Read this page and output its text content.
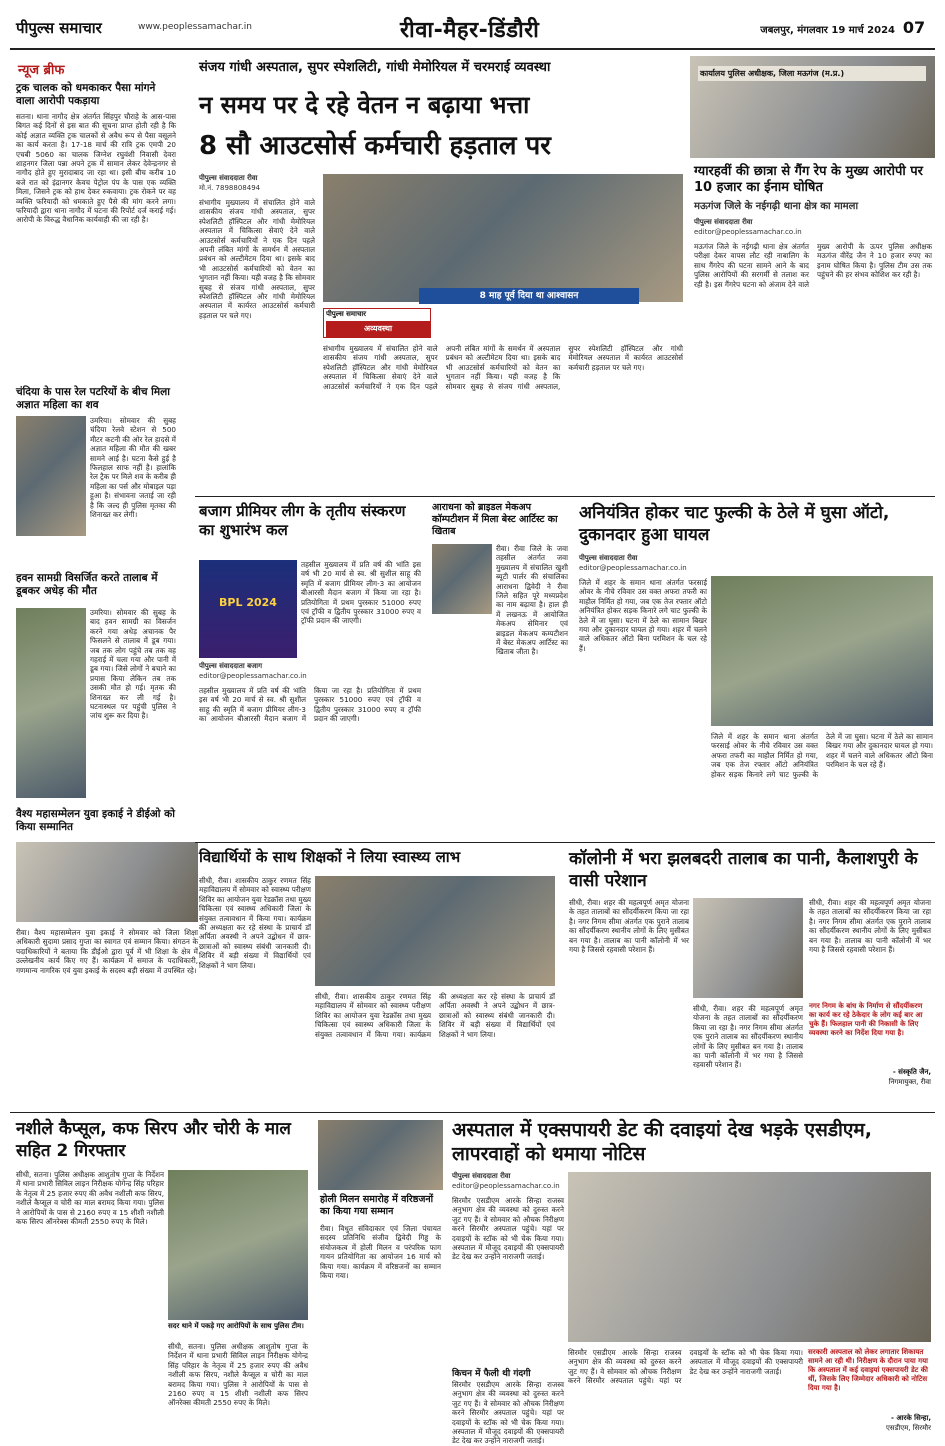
पीपुल्स समाचार	www.peoplessamachar.in	रीवा-मैहर-डिंडौरी	जबलपुर, मंगलवार 19 मार्च 2024 07
न्यूज ब्रीफ
ट्रक चालक को धमकाकर पैसा मांगने वाला आरोपी पकड़ाया
सतना। थाना नागौद क्षेत्र अंतर्गत सिंहपुर चौराहे के आस-पास बिगत कई दिनों से इस बात की सूचना प्राप्त होती रही है कि कोई अज्ञात व्यक्ति ट्रक चालकों से अवैध रूप से पैसा वसूलने का कार्य करता है। 17-18 मार्च की रात्रि ट्रक एमपी 20 एचबी 5060 का चालक जिग्नेश रघुवंशी निवासी देवरा शाहनगर जिला पन्ना अपने ट्रक में सामान लेकर देवेन्द्रनगर से नागौद होते हुए मुरादाबाद जा रहा था। इसी बीच करीब 10 बजे रात को इंद्रानगर केवच पेट्रोल पंप के पास एक व्यक्ति मिला, जिसने ट्रक को हाथ देकर रुकवाया। ट्रक रोकने पर वह व्यक्ति फरियादी को धमकाते हुए पैसे की मांग करने लगा। फरियादी द्वारा थाना नागौद में घटना की रिपोर्ट दर्ज कराई गई। आरोपी के विरुद्ध वैधानिक कार्यवाही की जा रही है।
चंदिया के पास रेल पटरियों के बीच मिला अज्ञात महिला का शव
उमरिया। सोमवार की सुबह चंदिया रेलवे स्टेशन से 500 मीटर कटनी की ओर रेल हादसे में अज्ञात महिला की मौत की खबर सामने आई है। घटना कैसे हुई है फिलहाल साफ नहीं है। हालांकि रेल ट्रैक पर मिले शव के करीब ही महिला का पर्स और मोबाइल पड़ा हुआ है। संभावना जताई जा रही है कि जल्द ही पुलिस मृतका की शिनाख्त कर लेगी।
हवन सामग्री विसर्जित करते तालाब में डूबकर अधेड़ की मौत
उमरिया। सोमवार की सुबह के बाद हवन सामग्री का विसर्जन करने गया अधेड़ अचानक पैर फिसलने से तालाब में डूब गया। जब तक लोग पहुंचे तब तक वह गहराई में चला गया और पानी में डूब गया। जिसे लोगों ने बचाने का प्रयास किया लेकिन तब तक उसकी मौत हो गई। मृतक की शिनाख्त कर ली गई है। घटनास्थल पर पहुंची पुलिस ने जांच शुरू कर दिया है।
वैश्य महासम्मेलन युवा इकाई ने डीईओ को किया सम्मानित
रीवा। वैश्य महासम्मेलन युवा इकाई ने सोमवार को जिला शिक्षा अधिकारी सुदामा प्रसाद गुप्ता का स्वागत एवं सम्मान किया। संगठन के पदाधिकारियों ने बताया कि डीईओ द्वारा पूर्व में भी शिक्षा के क्षेत्र में उल्लेखनीय कार्य किए गए हैं। कार्यक्रम में समाज के पदाधिकारी, गणमान्य नागरिक एवं युवा इकाई के सदस्य बड़ी संख्या में उपस्थित रहे।
संजय गांधी अस्पताल, सुपर स्पेशलिटी, गांधी मेमोरियल में चरमराई व्यवस्था
न समय पर दे रहे वेतन न बढ़ाया भत्ता
8 सौ आउटसोर्स कर्मचारी हड़ताल पर
पीपुल्स संवाददाता रीवा
मो.नं. 7898808494
8 माह पूर्व दिया था आश्वासन
संभागीय मुख्यालय में संचालित होने वाले शासकीय संजय गांधी अस्पताल, सुपर स्पेशलिटी हॉस्पिटल और गांधी मेमोरियल अस्पताल में चिकित्सा सेवाएं देने वाले आउटसोर्स कर्मचारियों ने एक दिन पहले अपनी लंबित मांगों के समर्थन में अस्पताल प्रबंधन को अल्टीमेटम दिया था। इसके बाद भी आउटसोर्स कर्मचारियों को वेतन का भुगतान नहीं किया। यही वजह है कि सोमवार सुबह से संजय गांधी अस्पताल, सुपर स्पेशलिटी हॉस्पिटल और गांधी मेमोरियल अस्पताल में कार्यरत आउटसोर्स कर्मचारी हड़ताल पर चले गए।	पीपुल्स समाचार
अव्यवस्था
संभागीय मुख्यालय में संचालित होने वाले शासकीय संजय गांधी अस्पताल, सुपर स्पेशलिटी हॉस्पिटल और गांधी मेमोरियल अस्पताल में चिकित्सा सेवाएं देने वाले आउटसोर्स कर्मचारियों ने एक दिन पहले अपनी लंबित मांगों के समर्थन में अस्पताल प्रबंधन को अल्टीमेटम दिया था। इसके बाद भी आउटसोर्स कर्मचारियों को वेतन का भुगतान नहीं किया। यही वजह है कि सोमवार सुबह से संजय गांधी अस्पताल, सुपर स्पेशलिटी हॉस्पिटल और गांधी मेमोरियल अस्पताल में कार्यरत आउटसोर्स कर्मचारी हड़ताल पर चले गए।
कार्यालय पुलिस अधीक्षक, जिला मऊगंज (म.प्र.)
ग्यारहवीं की छात्रा से गैंग रेप के मुख्य आरोपी पर 10 हजार का ईनाम घोषित
मऊगंज जिले के नईगढ़ी थाना क्षेत्र का मामला
पीपुल्स संवाददाता रीवा
editor@peoplessamachar.co.in
मऊगंज जिले के नईगढ़ी थाना क्षेत्र अंतर्गत परीक्षा देकर वापस लौट रही नाबालिग के साथ गैंगरेप की घटना सामने आने के बाद पुलिस आरोपियों की सरगर्मी से तलाश कर रही है। इस गैंगरेप घटना को अंजाम देने वाले मुख्य आरोपी के ऊपर पुलिस अधीक्षक मऊगंज वीरेंद्र जैन ने 10 हजार रुपए का इनाम घोषित किया है। पुलिस टीम उस तक पहुंचने की हर संभव कोशिश कर रही है।
बजाग प्रीमियर लीग के तृतीय संस्करण का शुभारंभ कल
BPL 2024
पीपुल्स संवाददाता बजाग
editor@peoplessamachar.co.in
तहसील मुख्यालय में प्रति वर्ष की भांति इस वर्ष भी 20 मार्च से स्व. श्री सुशील साहू की स्मृति में बजाग प्रीमियर लीग-3 का आयोजन बीआरसी मैदान बजाग में किया जा रहा है। प्रतियोगिता में प्रथम पुरस्कार 51000 रुपए एवं ट्रॉफी व द्वितीय पुरस्कार 31000 रुपए व ट्रॉफी प्रदान की जाएगी।
तहसील मुख्यालय में प्रति वर्ष की भांति इस वर्ष भी 20 मार्च से स्व. श्री सुशील साहू की स्मृति में बजाग प्रीमियर लीग-3 का आयोजन बीआरसी मैदान बजाग में किया जा रहा है। प्रतियोगिता में प्रथम पुरस्कार 51000 रुपए एवं ट्रॉफी व द्वितीय पुरस्कार 31000 रुपए व ट्रॉफी प्रदान की जाएगी।
आराधना को ब्राइडल मेकअप कॉम्पटीशन में मिला बेस्ट आर्टिस्ट का खिताब
रीवा। रीवा जिले के जवा तहसील अंतर्गत जवा मुख्यालय में संचालित खुशी ब्यूटी पार्लर की संचालिका आराधना द्विवेदी ने रीवा जिले सहित पूरे मध्यप्रदेश का नाम बढ़ाया है। हाल ही में लखनऊ में आयोजित मेकअप सेमिनार एवं ब्राइडल मेकअप कम्पटीशन में बेस्ट मेकअप आर्टिस्ट का खिताब जीता है।
अनियंत्रित होकर चाट फुल्की के ठेले में घुसा ऑटो, दुकानदार हुआ घायल
पीपुल्स संवाददाता रीवा
editor@peoplessamachar.co.in
जिले में शहर के समान थाना अंतर्गत फरसाई ओवर के नीचे रविवार उस वक्त अफरा तफरी का माहौल निर्मित हो गया, जब एक तेज रफ्तार ऑटो अनियंत्रित होकर सड़क किनारे लगे चाट फुल्की के ठेले में जा घुसा। घटना में ठेले का सामान बिखर गया और दुकानदार घायल हो गया। शहर में चलने वाले अधिकतर ऑटो बिना परमिशन के चल रहे हैं।
जिले में शहर के समान थाना अंतर्गत फरसाई ओवर के नीचे रविवार उस वक्त अफरा तफरी का माहौल निर्मित हो गया, जब एक तेज रफ्तार ऑटो अनियंत्रित होकर सड़क किनारे लगे चाट फुल्की के ठेले में जा घुसा। घटना में ठेले का सामान बिखर गया और दुकानदार घायल हो गया। शहर में चलने वाले अधिकतर ऑटो बिना परमिशन के चल रहे हैं।
विद्यार्थियों के साथ शिक्षकों ने लिया स्वास्थ्य लाभ
सीधी, रीवा। शासकीय ठाकुर रणमत सिंह महाविद्यालय में सोमवार को स्वास्थ्य परीक्षण शिविर का आयोजन युवा रेडक्रॉस तथा मुख्य चिकित्सा एवं स्वास्थ्य अधिकारी जिला के संयुक्त तत्वावधान में किया गया। कार्यक्रम की अध्यक्षता कर रहे संस्था के प्राचार्य डॉ अर्पिता अवस्थी ने अपने उद्बोधन में छात्र-छात्राओं को स्वास्थ्य संबंधी जानकारी दी। शिविर में बड़ी संख्या में विद्यार्थियों एवं शिक्षकों ने भाग लिया।
सीधी, रीवा। शासकीय ठाकुर रणमत सिंह महाविद्यालय में सोमवार को स्वास्थ्य परीक्षण शिविर का आयोजन युवा रेडक्रॉस तथा मुख्य चिकित्सा एवं स्वास्थ्य अधिकारी जिला के संयुक्त तत्वावधान में किया गया। कार्यक्रम की अध्यक्षता कर रहे संस्था के प्राचार्य डॉ अर्पिता अवस्थी ने अपने उद्बोधन में छात्र-छात्राओं को स्वास्थ्य संबंधी जानकारी दी। शिविर में बड़ी संख्या में विद्यार्थियों एवं शिक्षकों ने भाग लिया।
कॉलोनी में भरा झलबदरी तालाब का पानी, कैलाशपुरी के वासी परेशान
सीधी, रीवा। शहर की महत्वपूर्ण अमृत योजना के तहत तालाबों का सौंदर्यीकरण किया जा रहा है। नगर निगम सीमा अंतर्गत एक पुराने तालाब का सौंदर्यीकरण स्थानीय लोगों के लिए मुसीबत बन गया है। तालाब का पानी कॉलोनी में भर गया है जिससे रहवासी परेशान हैं।
सीधी, रीवा। शहर की महत्वपूर्ण अमृत योजना के तहत तालाबों का सौंदर्यीकरण किया जा रहा है। नगर निगम सीमा अंतर्गत एक पुराने तालाब का सौंदर्यीकरण स्थानीय लोगों के लिए मुसीबत बन गया है। तालाब का पानी कॉलोनी में भर गया है जिससे रहवासी परेशान हैं।
सीधी, रीवा। शहर की महत्वपूर्ण अमृत योजना के तहत तालाबों का सौंदर्यीकरण किया जा रहा है। नगर निगम सीमा अंतर्गत एक पुराने तालाब का सौंदर्यीकरण स्थानीय लोगों के लिए मुसीबत बन गया है। तालाब का पानी कॉलोनी में भर गया है जिससे रहवासी परेशान हैं।
नगर निगम के बांध के निर्माण से सौंदर्यीकरण का कार्य कर रहे ठेकेदार के लोग कई बार आ चुके हैं। फिलहाल पानी की निकासी के लिए व्यवस्था करने का निर्देश दिया गया है।
- संस्कृति जैन,
निगमायुक्त, रीवा
नशीले कैप्सूल, कफ सिरप और चोरी के माल सहित 2 गिरफ्तार
सीधी, सतना। पुलिस अधीक्षक आशुतोष गुप्ता के निर्देशन में थाना प्रभारी सिविल लाइन निरीक्षक योगेन्द्र सिंह परिहार के नेतृत्व में 25 हजार रुपए की अवैध नशीली कफ सिरप, नशीले कैप्सूल व चोरी का माल बरामद किया गया। पुलिस ने आरोपियों के पास से 2160 रुपए व 15 शीशी नशीली कफ सिरप ऑनरेक्स कीमती 2550 रुपए के मिले।
सदर थाने में पकड़े गए आरोपियों के साथ पुलिस टीम।
सीधी, सतना। पुलिस अधीक्षक आशुतोष गुप्ता के निर्देशन में थाना प्रभारी सिविल लाइन निरीक्षक योगेन्द्र सिंह परिहार के नेतृत्व में 25 हजार रुपए की अवैध नशीली कफ सिरप, नशीले कैप्सूल व चोरी का माल बरामद किया गया। पुलिस ने आरोपियों के पास से 2160 रुपए व 15 शीशी नशीली कफ सिरप ऑनरेक्स कीमती 2550 रुपए के मिले।
होली मिलन समारोह में वरिष्ठजनों का किया गया सम्मान
रीवा। विधुत संविदाकार एवं जिला पंचायत सदस्य प्रतिनिधि संजीव द्विवेदी गिड्ड के संयोजकत्व में होली मिलन व परंपरिक फाग गायन प्रतियोगिता का आयोजन 16 मार्च को किया गया। कार्यक्रम में वरिष्ठजनों का सम्मान किया गया।
अस्पताल में एक्सपायरी डेट की दवाइयां देख भड़के एसडीएम, लापरवाहों को थमाया नोटिस
पीपुल्स संवाददाता रीवा
editor@peoplessamachar.co.in
सिरमौर एसडीएम आरके सिन्हा राजस्व अनुभाग क्षेत्र की व्यवस्था को दुरुस्त करने जुट गए हैं। वे सोमवार को औचक निरीक्षण करने सिरमौर अस्पताल पहुंचे। यहां पर दवाइयों के स्टॉक को भी चेक किया गया। अस्पताल में मौजूद दवाइयों की एक्सपायरी डेट देख कर उन्होंने नाराजगी जताई।
किचन में फैली थी गंदगी
सिरमौर एसडीएम आरके सिन्हा राजस्व अनुभाग क्षेत्र की व्यवस्था को दुरुस्त करने जुट गए हैं। वे सोमवार को औचक निरीक्षण करने सिरमौर अस्पताल पहुंचे। यहां पर दवाइयों के स्टॉक को भी चेक किया गया। अस्पताल में मौजूद दवाइयों की एक्सपायरी डेट देख कर उन्होंने नाराजगी जताई।
सिरमौर एसडीएम आरके सिन्हा राजस्व अनुभाग क्षेत्र की व्यवस्था को दुरुस्त करने जुट गए हैं। वे सोमवार को औचक निरीक्षण करने सिरमौर अस्पताल पहुंचे। यहां पर दवाइयों के स्टॉक को भी चेक किया गया। अस्पताल में मौजूद दवाइयों की एक्सपायरी डेट देख कर उन्होंने नाराजगी जताई।
सरकारी अस्पताल को लेकर लगातार शिकायत सामने आ रही थी। निरीक्षण के दौरान पाया गया कि अस्पताल में कई दवाइयां एक्सपायरी डेट की थीं, जिसके लिए जिम्मेदार अधिकारी को नोटिस दिया गया है।
- आरके सिन्हा,
एसडीएम, सिरमौर
